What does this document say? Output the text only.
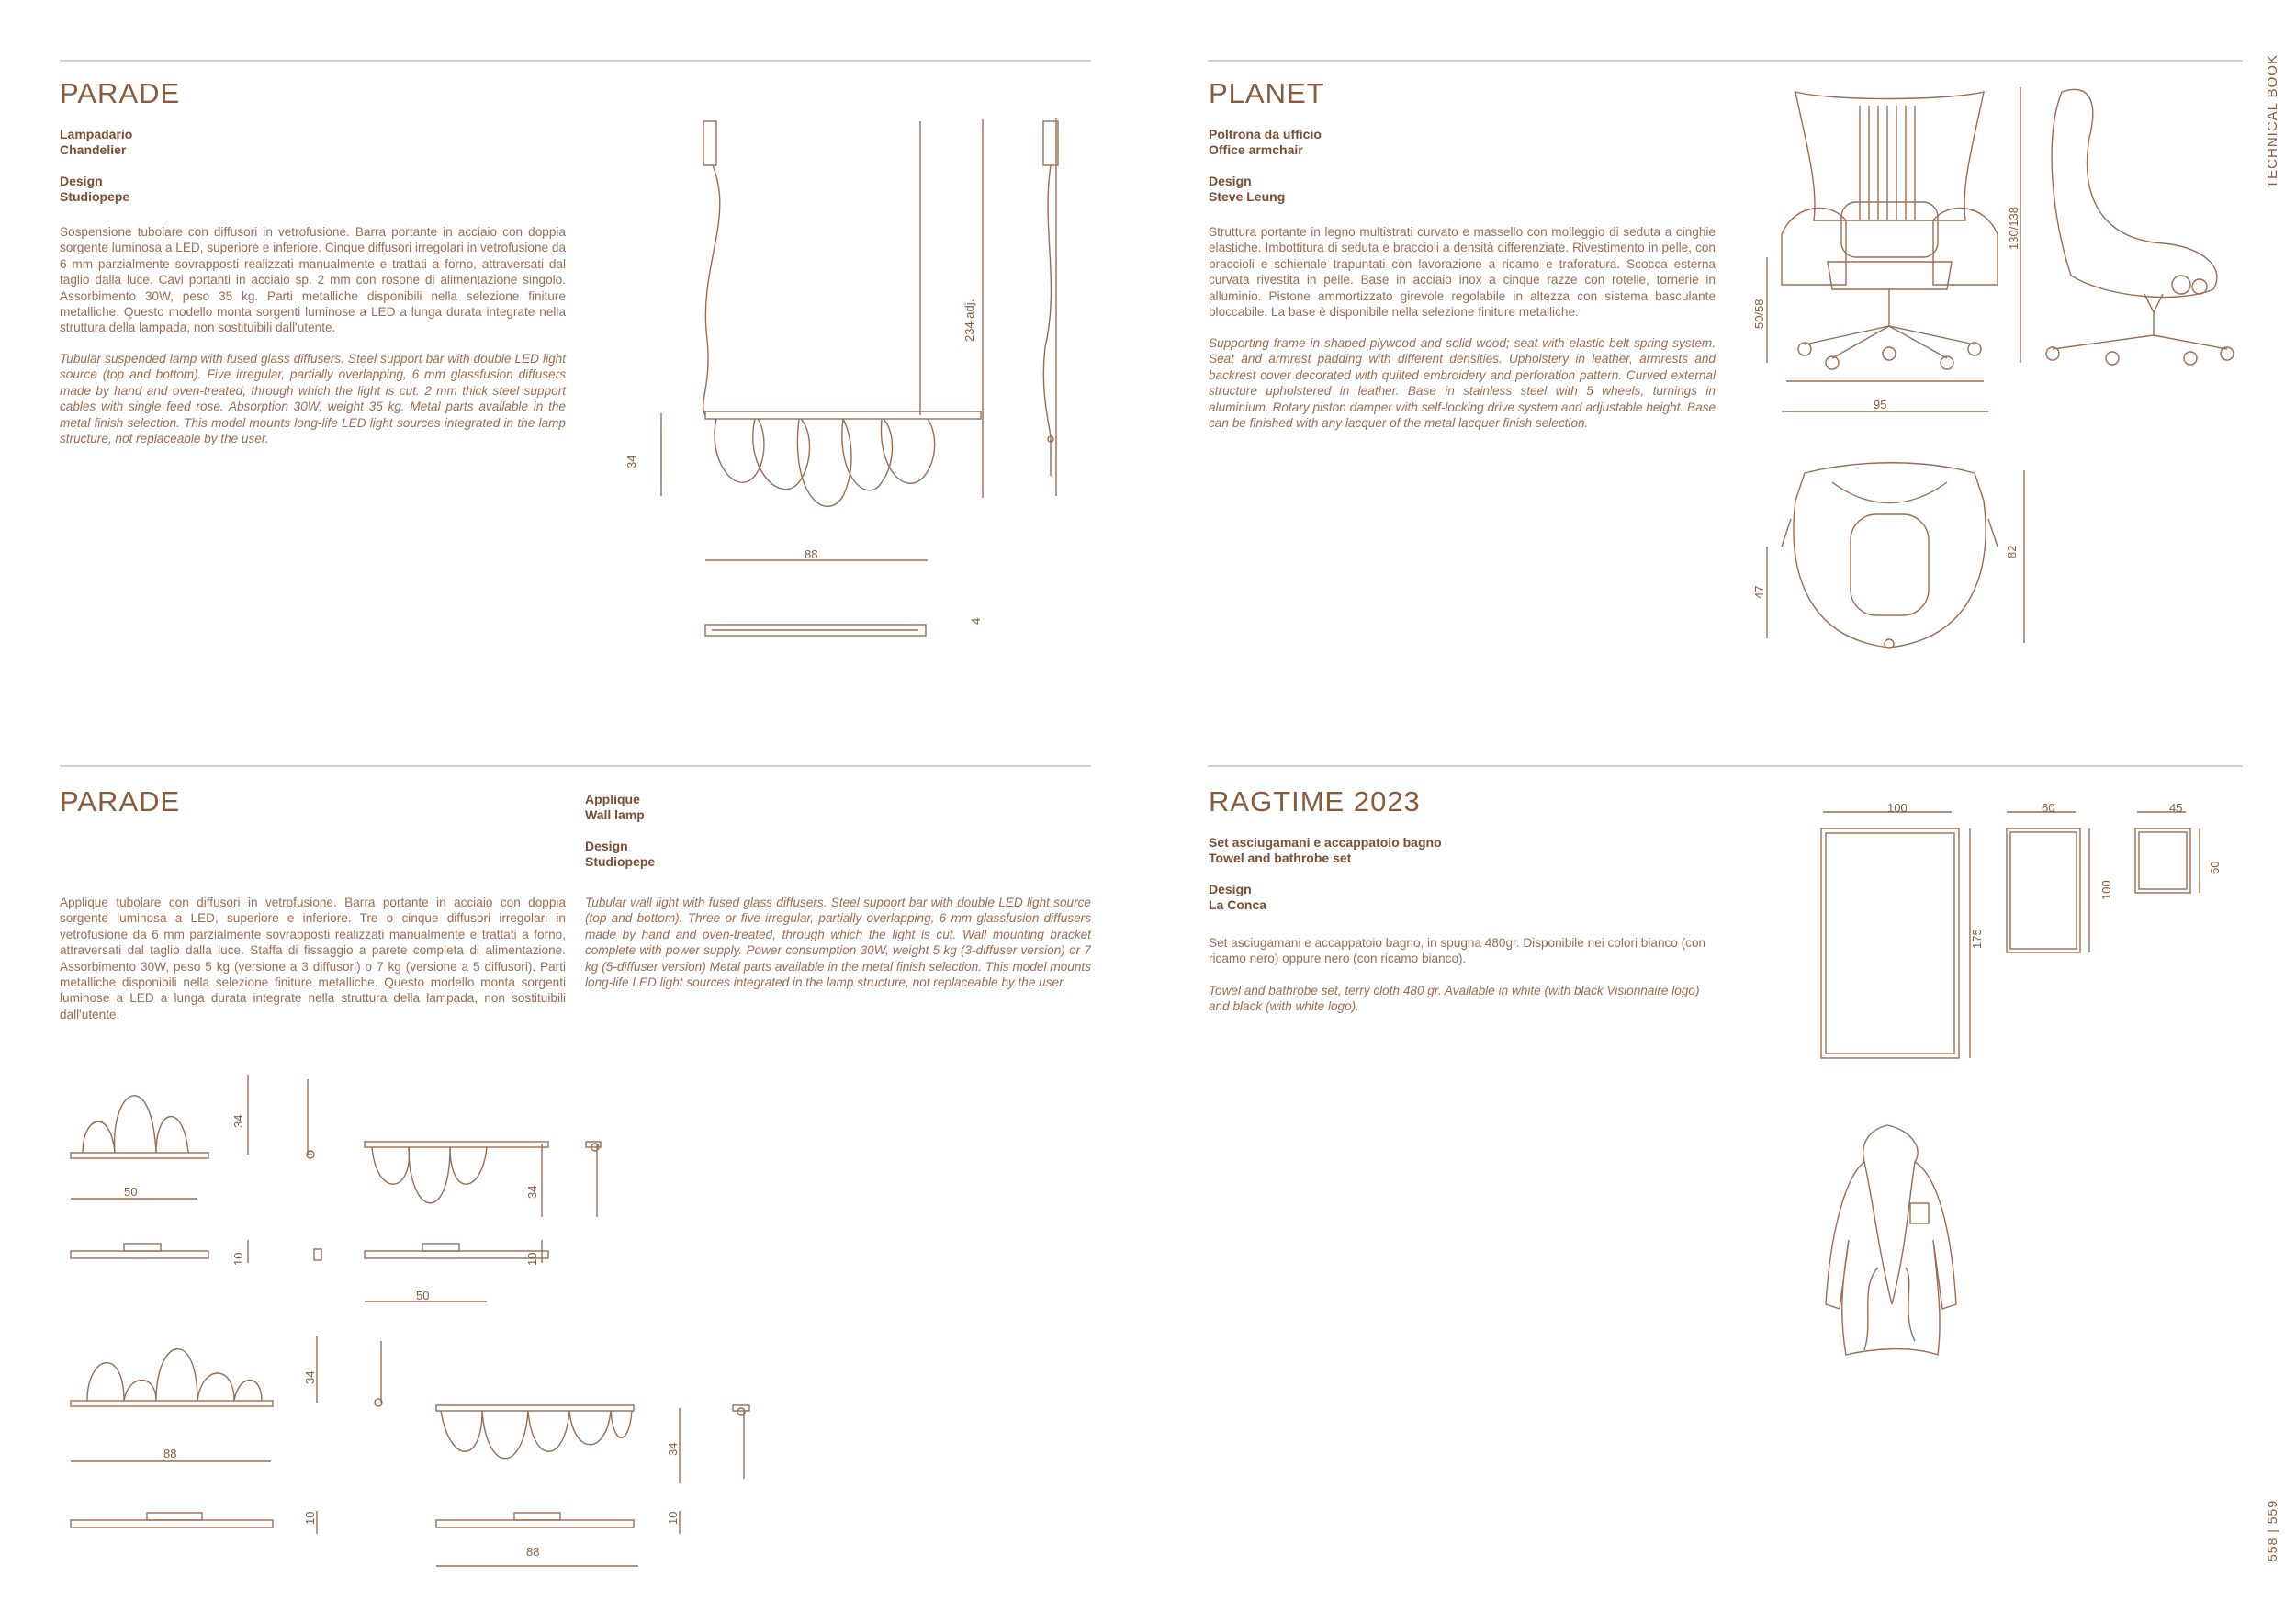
TECHNICAL BOOK
558 | 559
PARADE
Lampadario
Chandelier
Design
Studiopepe
Sospensione tubolare con diffusori in vetrofusione. Barra portante in acciaio con doppia sorgente luminosa a LED, superiore e inferiore. Cinque diffusori irregolari in vetrofusione da 6 mm parzialmente sovrapposti realizzati manualmente e trattati a forno, attraversati dal taglio dalla luce. Cavi portanti in acciaio sp. 2 mm con rosone di alimentazione singolo. Assorbimento 30W, peso 35 kg. Parti metalliche disponibili nella selezione finiture metalliche. Questo modello monta sorgenti luminose a LED a lunga durata integrate nella struttura della lampada, non sostituibili dall'utente.
Tubular suspended lamp with fused glass diffusers. Steel support bar with double LED light source (top and bottom). Five irregular, partially overlapping, 6 mm glassfusion diffusers made by hand and oven-treated, through which the light is cut. 2 mm thick steel support cables with single feed rose. Absorption 30W, weight 35 kg. Metal parts available in the metal finish selection. This model mounts long-life LED light sources integrated in the lamp structure, not replaceable by the user.
34
88
234 adj.
4
PLANET
Poltrona da ufficio
Office armchair
Design
Steve Leung
Struttura portante in legno multistrati curvato e massello con molleggio di seduta a cinghie elastiche. Imbottitura di seduta e braccioli a densità differenziate. Rivestimento in pelle, con braccioli e schienale trapuntati con lavorazione a ricamo e traforatura. Scocca esterna curvata rivestita in pelle. Base in acciaio inox a cinque razze con rotelle, tornerie in alluminio. Pistone ammortizzato girevole regolabile in altezza con sistema basculante bloccabile. La base è disponibile nella selezione finiture metalliche.
Supporting frame in shaped plywood and solid wood; seat with elastic belt spring system. Seat and armrest padding with different densities. Upholstery in leather, armrests and backrest cover decorated with quilted embroidery and perforation pattern. Curved external structure upholstered in leather. Base in stainless steel with 5 wheels, turnings in aluminium. Rotary piston damper with self-locking drive system and adjustable height. Base can be finished with any lacquer of the metal lacquer finish selection.
50/58
130/138
95
47
82
PARADE	Applique
Wall lamp
Design
Studiopepe
Applique tubolare con diffusori in vetrofusione. Barra portante in acciaio con doppia sorgente luminosa a LED, superiore e inferiore. Tre o cinque diffusori irregolari in vetrofusione da 6 mm parzialmente sovrapposti realizzati manualmente e trattati a forno, attraversati dal taglio dalla luce. Staffa di fissaggio a parete completa di alimentazione. Assorbimento 30W, peso 5 kg (versione a 3 diffusori) o 7 kg (versione a 5 diffusori). Parti metalliche disponibili nella selezione finiture metalliche. Questo modello monta sorgenti luminose a LED a lunga durata integrate nella struttura della lampada, non sostituibili dall'utente.
Tubular wall light with fused glass diffusers. Steel support bar with double LED light source (top and bottom). Three or five irregular, partially overlapping, 6 mm glassfusion diffusers made by hand and oven-treated, through which the light is cut. Wall mounting bracket complete with power supply. Power consumption 30W, weight 5 kg (3-diffuser version) or 7 kg (5-diffuser version) Metal parts available in the metal finish selection. This model mounts long-life LED light sources integrated in the lamp structure, not replaceable by the user.
34
50
10
34
10
50
34
88
10
34
10
88
RAGTIME 2023
Set asciugamani e accappatoio bagno
Towel and bathrobe set
Design
La Conca
Set asciugamani e accappatoio bagno, in spugna 480gr. Disponibile nei colori bianco (con ricamo nero) oppure nero (con ricamo bianco).
Towel and bathrobe set, terry cloth 480 gr. Available in white (with black Visionnaire logo) and black (with white logo).
100	60	45
175
100
60
